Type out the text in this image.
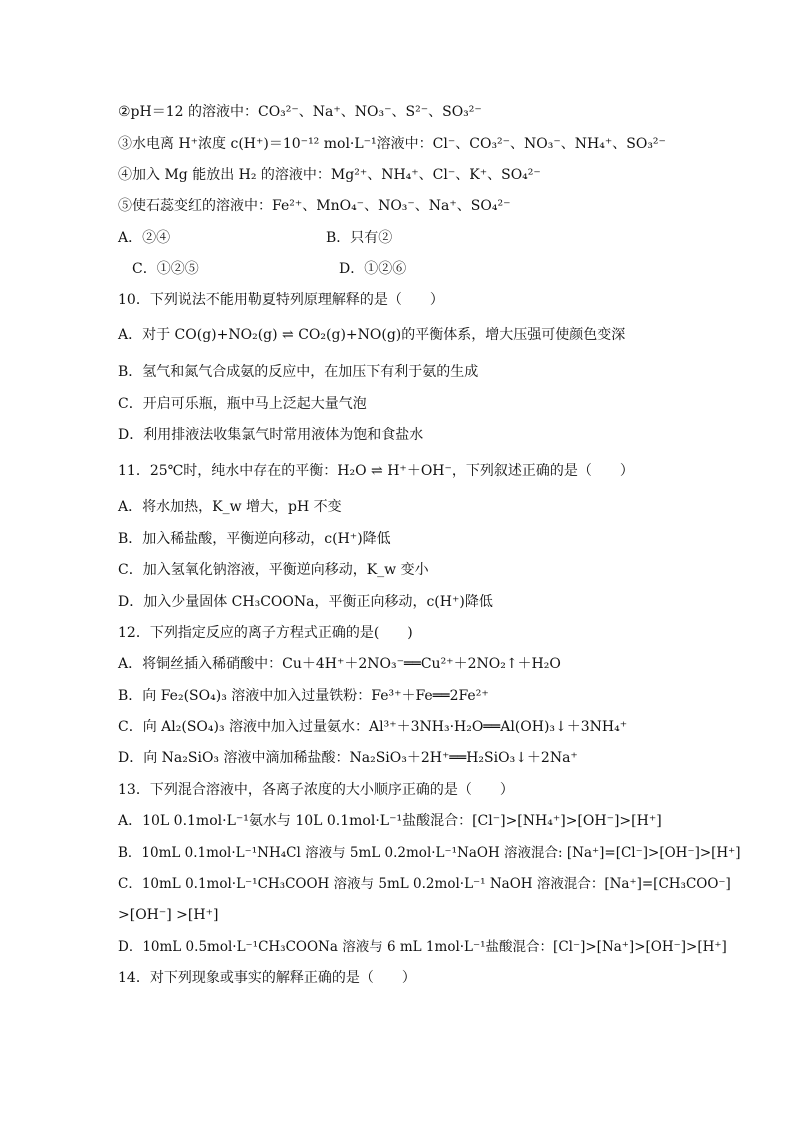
②pH＝12 的溶液中：CO₃²⁻、Na⁺、NO₃⁻、S²⁻、SO₃²⁻
③水电离 H⁺浓度 c(H⁺)＝10⁻¹² mol·L⁻¹溶液中：Cl⁻、CO₃²⁻、NO₃⁻、NH₄⁺、SO₃²⁻
④加入 Mg 能放出 H₂ 的溶液中：Mg²⁺、NH₄⁺、Cl⁻、K⁺、SO₄²⁻
⑤使石蕊变红的溶液中：Fe²⁺、MnO₄⁻、NO₃⁻、Na⁺、SO₄²⁻
A．②④	B．只有②
C．①②⑤	D．①②⑥
10．下列说法不能用勒夏特列原理解释的是（　　）
A．对于 CO(g)+NO₂(g) ⇌ CO₂(g)+NO(g)的平衡体系，增大压强可使颜色变深
B．氢气和氮气合成氨的反应中，在加压下有利于氨的生成
C．开启可乐瓶，瓶中马上泛起大量气泡
D．利用排液法收集氯气时常用液体为饱和食盐水
11．25℃时，纯水中存在的平衡：H₂O ⇌ H⁺＋OH⁻，下列叙述正确的是（　　）
A．将水加热，K_w 增大，pH 不变
B．加入稀盐酸，平衡逆向移动，c(H⁺)降低
C．加入氢氧化钠溶液，平衡逆向移动，K_w 变小
D．加入少量固体 CH₃COONa，平衡正向移动，c(H⁺)降低
12．下列指定反应的离子方程式正确的是(　　)
A．将铜丝插入稀硝酸中：Cu＋4H⁺＋2NO₃⁻══Cu²⁺＋2NO₂↑＋H₂O
B．向 Fe₂(SO₄)₃ 溶液中加入过量铁粉：Fe³⁺＋Fe══2Fe²⁺
C．向 Al₂(SO₄)₃ 溶液中加入过量氨水：Al³⁺＋3NH₃·H₂O══Al(OH)₃↓＋3NH₄⁺
D．向 Na₂SiO₃ 溶液中滴加稀盐酸：Na₂SiO₃＋2H⁺══H₂SiO₃↓＋2Na⁺
13．下列混合溶液中，各离子浓度的大小顺序正确的是（　　）
A．10L 0.1mol·L⁻¹氨水与 10L 0.1mol·L⁻¹盐酸混合：[Cl⁻]>[NH₄⁺]>[OH⁻]>[H⁺]
B．10mL 0.1mol·L⁻¹NH₄Cl 溶液与 5mL 0.2mol·L⁻¹NaOH 溶液混合: [Na⁺]=[Cl⁻]>[OH⁻]>[H⁺]
C．10mL 0.1mol·L⁻¹CH₃COOH 溶液与 5mL 0.2mol·L⁻¹ NaOH 溶液混合：[Na⁺]=[CH₃COO⁻]
>[OH⁻] >[H⁺]
D．10mL 0.5mol·L⁻¹CH₃COONa 溶液与 6 mL 1mol·L⁻¹盐酸混合：[Cl⁻]>[Na⁺]>[OH⁻]>[H⁺]
14．对下列现象或事实的解释正确的是（　　）
